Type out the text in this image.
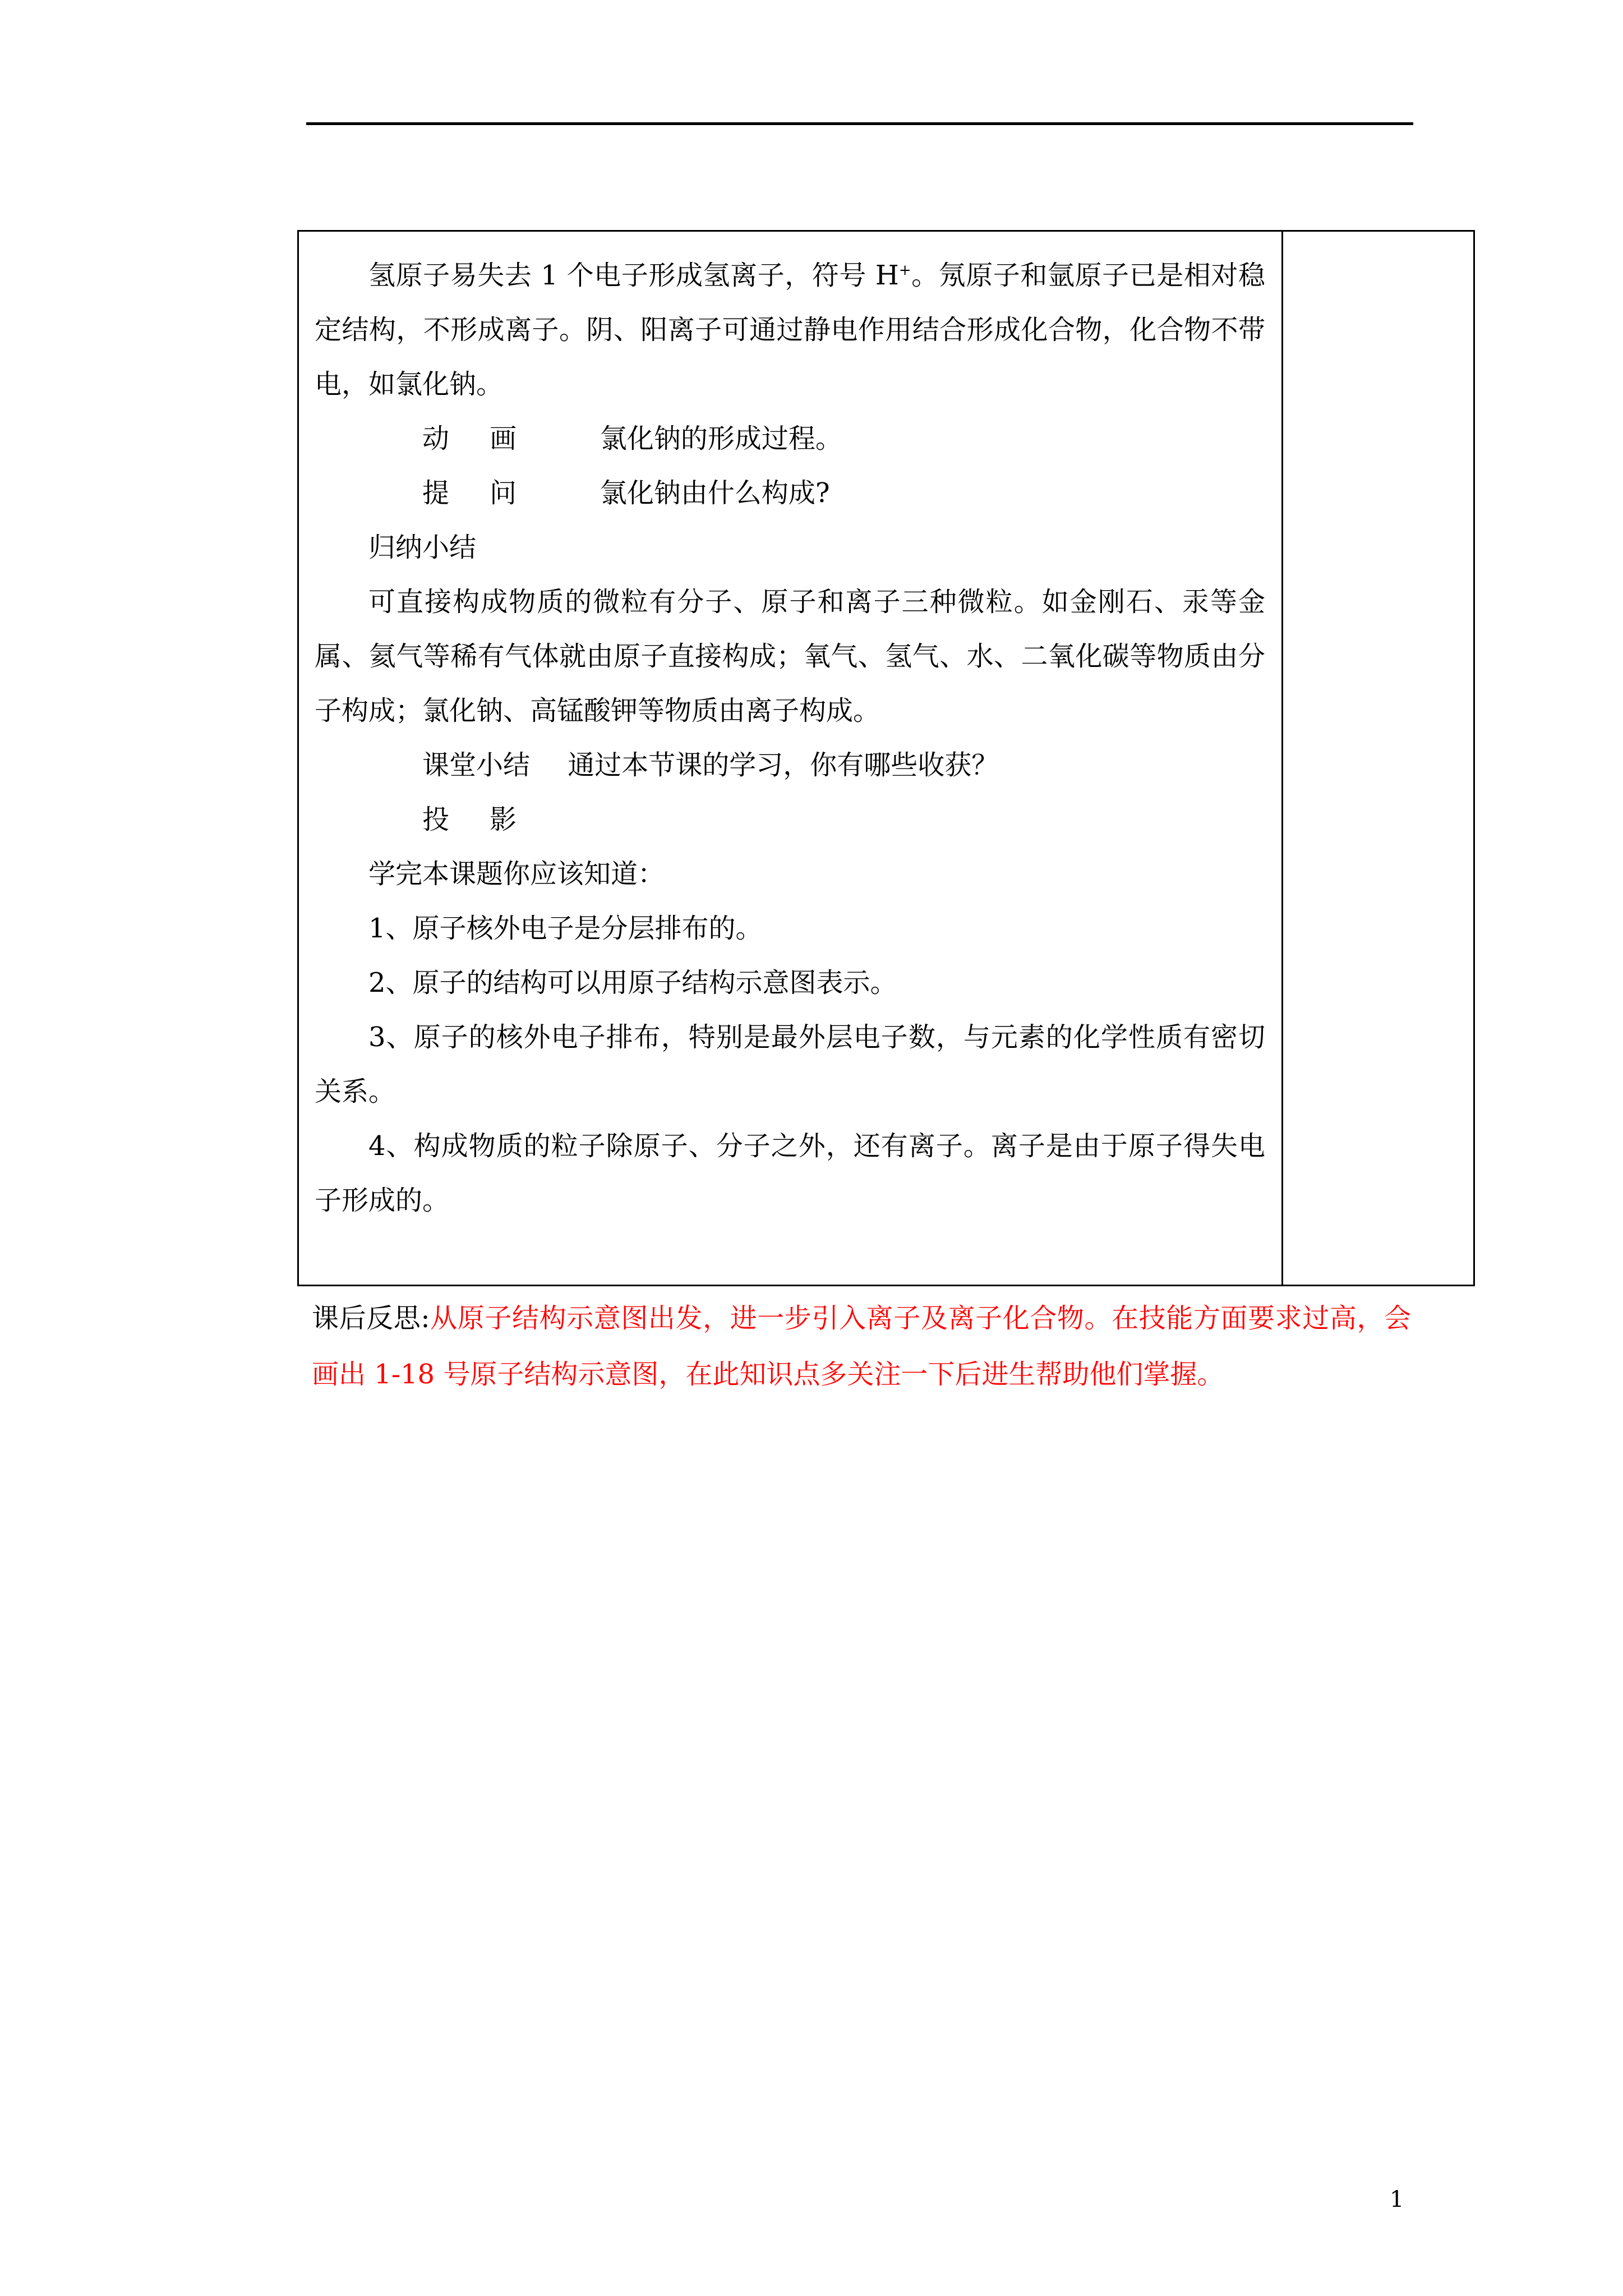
氢原子易失去 1 个电子形成氢离子，符号 H+。氖原子和氩原子已是相对稳定结构，不形成离子。阴、阳离子可通过静电作用结合形成化合物，化合物不带电，如氯化钠。

动画 氯化钠的形成过程。

提问 氯化钠由什么构成?

归纳小结

可直接构成物质的微粒有分子、原子和离子三种微粒。如金刚石、汞等金属、氦气等稀有气体就由原子直接构成；氧气、氢气、水、二氧化碳等物质由分子构成；氯化钠、高锰酸钾等物质由离子构成。

课堂小结 通过本节课的学习，你有哪些收获？

投影

学完本课题你应该知道：

1、原子核外电子是分层排布的。

2、原子的结构可以用原子结构示意图表示。

3、原子的核外电子排布，特别是最外层电子数，与元素的化学性质有密切关系。

4、构成物质的粒子除原子、分子之外，还有离子。离子是由于原子得失电子形成的。

课后反思:从原子结构示意图出发，进一步引入离子及离子化合物。在技能方面要求过高，会画出 1-18 号原子结构示意图，在此知识点多关注一下后进生帮助他们掌握。
1
